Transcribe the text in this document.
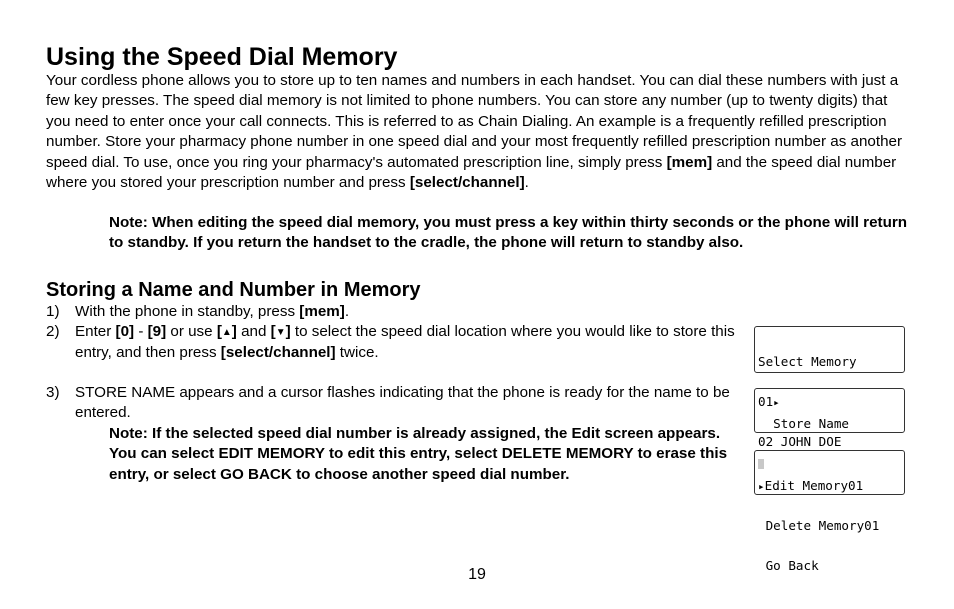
Using the Speed Dial Memory
Your cordless phone allows you to store up to ten names and numbers in each handset. You can dial these numbers with just a few key presses. The speed dial memory is not limited to phone numbers. You can store any number (up to twenty digits) that you need to enter once your call connects. This is referred to as Chain Dialing. An example is a frequently refilled prescription number. Store your pharmacy phone number in one speed dial and your most frequently refilled prescription number as another speed dial. To use, once you ring your pharmacy's automated prescription line, simply press [mem] and the speed dial number where you stored your prescription number and press [select/channel].
Note: When editing the speed dial memory, you must press a key within thirty seconds or the phone will return to standby. If you return the handset to the cradle, the phone will return to standby also.
Storing a Name and Number in Memory
1) With the phone in standby, press [mem].
2) Enter [0] - [9] or use [▲] and [▼] to select the speed dial location where you would like to store this entry, and then press [select/channel] twice.
3) STORE NAME appears and a cursor flashes indicating that the phone is ready for the name to be entered.
Note: If the selected speed dial number is already assigned, the Edit screen appears. You can select EDIT MEMORY to edit this entry, select DELETE MEMORY to erase this entry, or select GO BACK to choose another speed dial number.

Select Memory

01▸

02 JOHN DOE

Store Name

▸Edit Memory01

Delete Memory01

Go Back

19
